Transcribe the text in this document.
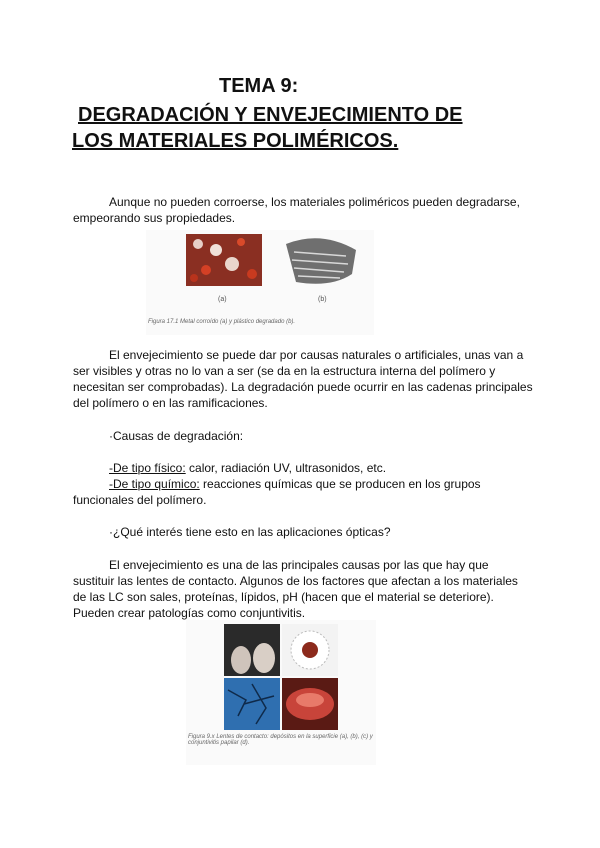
TEMA 9:
DEGRADACIÓN Y ENVEJECIMIENTO DE
LOS MATERIALES POLIMÉRICOS.

Aunque no pueden corroerse, los materiales poliméricos pueden degradarse, empeorando sus propiedades.

(a)	(b)
Figura 17.1 Metal corroído (a) y plástico degradado (b).

El envejecimiento se puede dar por causas naturales o artificiales, unas van a ser visibles y otras no lo van a ser (se da en la estructura interna del polímero y necesitan ser comprobadas). La degradación puede ocurrir en las cadenas principales del polímero o en las ramificaciones.

·Causas de degradación:

-De tipo físico: calor, radiación UV, ultrasonidos, etc.

-De tipo químico: reacciones químicas que se producen en los grupos funcionales del polímero.

·¿Qué interés tiene esto en las aplicaciones ópticas?

El envejecimiento es una de las principales causas por las que hay que sustituir las lentes de contacto. Algunos de los factores que afectan a los materiales de las LC son sales, proteínas, lípidos, pH (hacen que el material se deteriore). Pueden crear patologías como conjuntivitis.

Figura 9.x Lentes de contacto: depósitos en la superficie (a), (b), (c) y conjuntivitis papilar (d).
